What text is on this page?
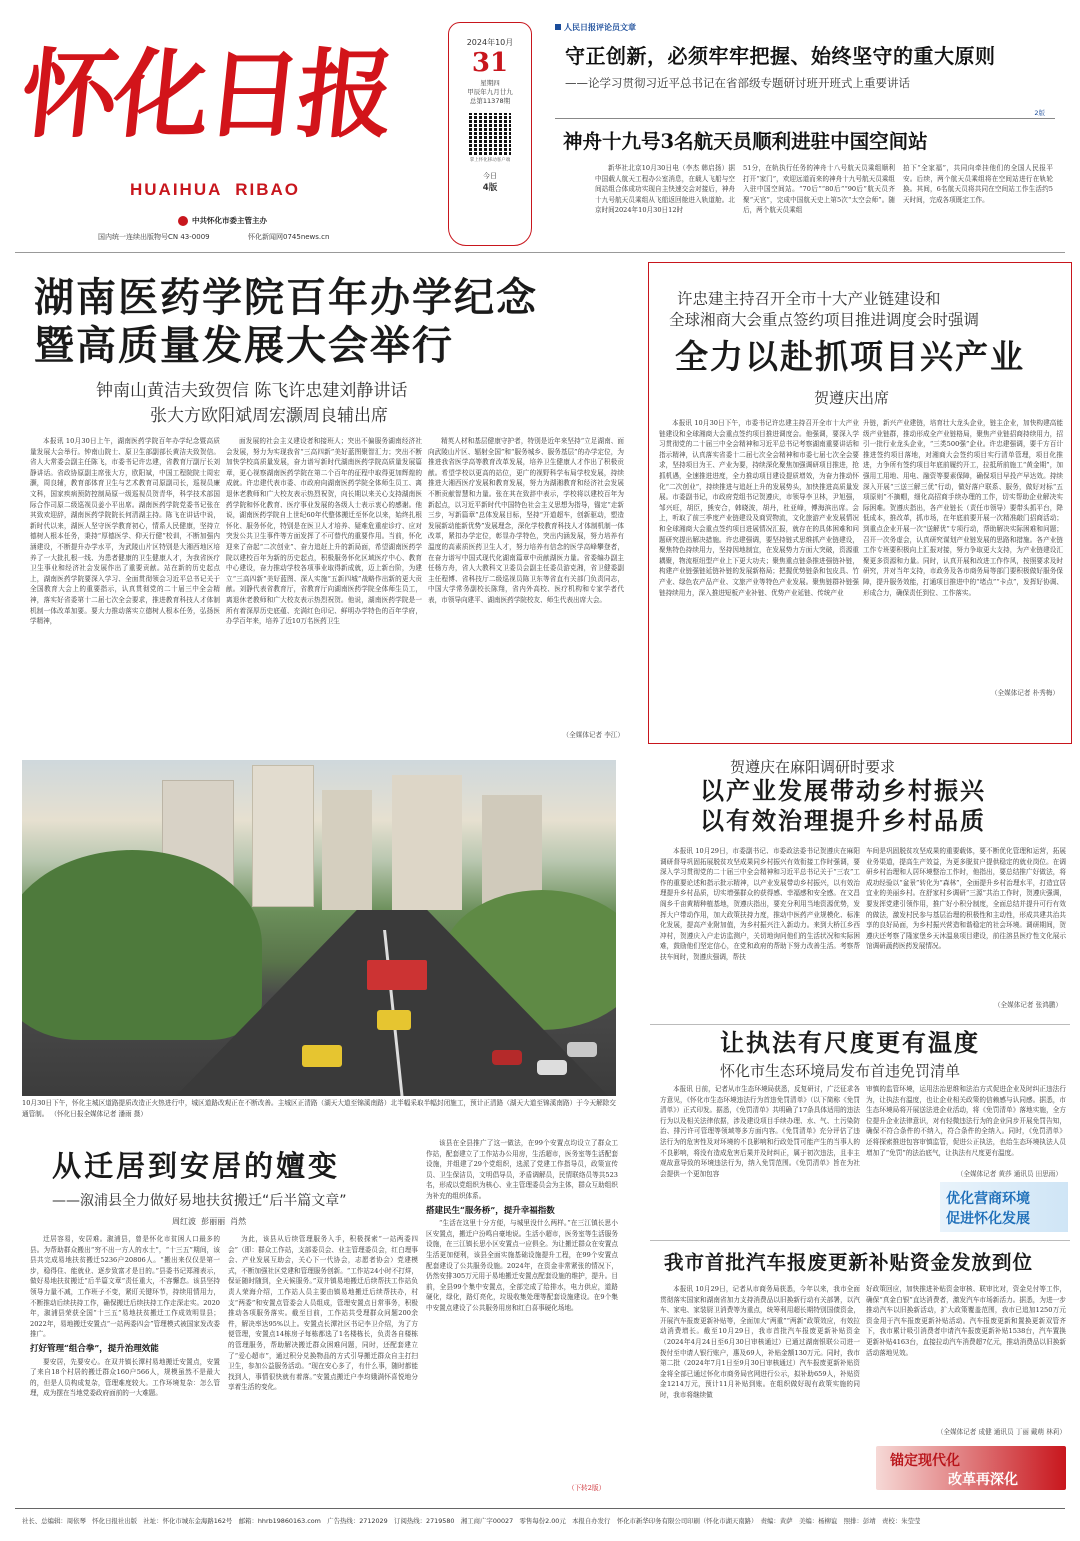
怀化日报
HUAIHUA  RIBAO
中共怀化市委主管主办
国内统一连续出版物号CN 43-0009	怀化新闻网0745news.cn
2024年10月
31
星期四
甲辰年九月廿九
总第11378期
掌上怀化移动客户端
今日
4版
人民日报评论员文章
守正创新，必须牢牢把握、始终坚守的重大原则
——论学习贯彻习近平总书记在省部级专题研讨班开班式上重要讲话
2版
神舟十九号3名航天员顺利进驻中国空间站

新华社北京10月30日电（李杰 韩启扬）据中国载人航天工程办公室消息，在载人飞船与空间站组合体成功实现自主快速交会对接后，神舟十九号航天员乘组从飞船返回舱进入轨道舱。北京时间2024年10月30日12时

51分，在轨执行任务的神舟十八号航天员乘组顺利打开“家门”，欢迎远道而来的神舟十九号航天员乘组入驻中国空间站。“70后”“80后”“90后”航天员齐聚“天宫”，完成中国航天史上第5次“太空会师”。随后，两个航天员乘组

拍下“全家福”，共同向牵挂他们的全国人民报平安。后续，两个航天员乘组将在空间站进行在轨轮换。其间，6名航天员将共同在空间站工作生活约5天时间，完成各项既定工作。

湖南医药学院百年办学纪念
暨高质量发展大会举行
钟南山黄洁夫致贺信 陈飞许忠建刘静讲话
张大方欧阳斌周宏灏周良辅出席

本报讯 10月30日上午，湖南医药学院百年办学纪念暨高质量发展大会举行。钟南山院士、原卫生部副部长黄洁夫致贺信。省人大常委会副主任陈飞，市委书记许忠建，省教育厅副厅长刘静讲话。省政协原副主席张大方，欧阳斌，中国工程院院士周宏灏，周良辅，教育部体育卫生与艺术教育司原副司长，巡视员廉文科，国家疾病预防控制局原一级巡视员贺青华，科学技术部国际合作司原二级巡视员姜小平出席。湖南医药学院党委书记张在其致欢迎辞，湖南医药学院院长何清湖主持。陈飞在讲话中说，新时代以来，湖医人坚守医学教育初心，情系人民健康，坚持立德树人根本任务，秉持“厚德医学、仰天行健”校训，不断加强内涵建设，不断提升办学水平，为武陵山片区特别是大湘西地区培养了一大批扎根一线、为患者健康的卫生健康人才，为我省医疗卫生事业和经济社会发展作出了重要贡献。站在新的历史起点上，湖南医药学院要深入学习、全面贯彻领会习近平总书记关于全国教育大会上的重要指示，认真贯彻党的二十届三中全会精神，落实好省委第十二届七次全会要求，推进教育科技人才体制机制一体改革加要。要大力推动落实立德树人根本任务，弘扬医学精神，

面发展的社会主义建设者和接班人；突出不偏服务湖南经济社会发展，努力为实现我省“三高四新”美好蓝图聚智汇力；突出不断加快学校高质量发展，奋力谱写新时代湖南医药学院高质量发展篇章，更心视察湖南医药学院在第二个百年的征程中取得更加辉煌的成就。许忠建代表市委、市政府向湖南医药学院全体师生员工、离退休老教师和广大校友表示热烈祝贺，向长期以来关心支持湖南医药学院和怀化教育、医疗事业发展的各级人士表示衷心的感谢。他说，湖南医药学院自上世纪60年代整体搬迁至怀化以来，始终扎根怀化、服务怀化，特别是在医卫人才培养、疑难危重症诊疗、应对突发公共卫生事件等方面发挥了不可替代的重要作用。当前，怀化迎来了奋起“二次创业”、奋力追赶上升的新局面，希望湖南医药学院以建校百年为新的历史起点，积极服务怀化区域医疗中心、教育中心建设，奋力推动学校各项事业取得新成就，迈上新台阶，为建立“三高四新”美好蓝图、深人实施“五新四城”战略作出新的更大贡献。刘静代表省教育厅，省教育厅向湖南医药学院全体师生员工，离退休老教师和广大校友表示热烈祝贺。他说，湖南医药学院是一所有着深厚历史底蕴、充满红色印记、鲜明办学特色的百年学府，办学百年来，培养了近10万名医药卫生

精英人材和基层健康守护者，特别是近年来坚持“立足湖南、面向武陵山片区、辐射全国”和“服务城乡、服务基层”的办学定位，为推进我省医学高等教育改革发展，培养卫生健康人才作出了积极贡献。希望学校以更高的站位，更广的视野科学布局学校发展，持续推进大湘西医疗发展和教育发展，努力为湖湘教育和经济社会发展不断贡献智慧和力量。张在其在致辞中表示，学校将以建校百年为新起点，以习近平新时代中国特色社会主义思想为指导，锚定“走新三步，写新篇章”总体发展目标，坚持“开道超车，创新驱动，塑造发展新动能新优势”发展理念，深化学校教育科技人才体制机制一体改革，紧扣办学定位，彰显办学特色，突出内涵发展，努力培养有温度的高素质医药卫生人才，努力培养有信念的医学高峰攀登者，在奋力谱写中国式现代化湖南篇章中贡献湖医力量。省委编办副主任杨方舟，省人大教科文卫委员会副主任委员游克湘，省卫健委副主任程博、省科技厅二级巡视员陈卫东等省直有关部门负责同志，中国大学常务副校长陈翔，省内外高校、医疗机构和专家学者代表，市领导向建平、湖南医药学院校友、师生代表出席大会。

（全媒体记者 李江）
许忠建主持召开全市十大产业链建设和
全球湘商大会重点签约项目推进调度会时强调
全力以赴抓项目兴产业
贺遵庆出席

本报讯 10月30日下午，市委书记许忠建主持召开全市十大产业链建设和全球湘商大会重点签约项目推进调度会。他强调，要深入学习贯彻党的二十届三中全会精神和习近平总书记考察湖南重要讲话和指示精神，认真落实省委十二届七次全会精神和市委七届七次全会要求，坚持项目为王、产业为要，持续深化聚焦加强调研项目推进，抢抓机遇，全速推进进度，全力推动项目建设提质增效，为奋力推动怀化“二次创业”，持续推进与追赶上升的发展势头，加快推进高质量发展。市委副书记，市政府党组书记贺遵庆，市领导李卫林，尹旭强，邹兴旺，胡臣，熊安合，韩晓波，胡丹，杜亚峰，傅海滨出席。会上，听取了前三季度产业链建设及商贸物流，文化旅游产业发展情况和全球湘商大会重点签约项目进展情况汇报，就存在的具体困难和问题研究提出解决措施。许忠建强调，要坚持链式思维抓产业链建设，聚焦特色持续用力，坚持因地制宜，在发展势力方面大突破，资源重耦聚，物流枢纽型产业上下更大功夫；聚焦重点链条推进强链补链，构建产业链强链延链补链的发展新格局；把握优势链条和包皮具、竹产业、绿色农产品产业、文旅产业等特色产业发展。聚焦链群补链强链持续用力，深入推进短板产业补链、优势产业延链、传统产业

升链，新兴产业建链，培育壮大龙头企业，链主企业，加快构建高能级产业链群，推动形成全产业链格局，聚焦产业链招商持续用力，招引一批行业龙头企业，“三类500强”企业。许忠建强调，要千方百计推进签约项目落地，对湘商大会签约项目实行清单管理，项目化推进，力争所有签约项目年底前履约开工，拉抵所前施工“黄金期”，加强用工用地、用电、融资等要素保障，确保项目早投产早达效。持续深入开展“三送三解三优”行动，做好落户联系、服务，做好对标“五项原则”不摘帽，细化高招商手续办理的工作，切实帮助企业解决实际困难。贺遵庆指出，各产业链长（责任市领导）要带头抓平台，降低成本，推改革，抓市场，在年底前要开展一次精准敲门招商活动；到重点企业开展一次“送解优”专项行动，帮助解决实际困难和问题；召开一次务虚会，认真研究谋划产业链发展的思路和措施。各产业链工作专班要积极向上汇报对接，努力争取更大支持，为产业链建设汇聚更多资源和力量。同时，认真开展和改进工作作风，按照要求及时研究，并对当年支持，市政务及各市商务局等部门要积极做好服务保障，提升服务效能，打通项目推进中的“堵点”“卡点”，发挥好协调、形成合力，确保责任到位、工作落实。

（全媒体记者 朴秀梅）
10月30日下午，怀化主城区道路提质改造正火热进行中，城区道路改观正在不断改善。主城区正清路（湖天大道至锦溪南路）北半幅采取半幅封闭施工，预计正清路（湖天大道至锦溪南路）于今天解除交通管制。 （怀化日报全媒体记者 潘雨 摄）
贺遵庆在麻阳调研时要求
以产业发展带动乡村振兴
以有效治理提升乡村品质

本报讯 10月29日，市委副书记、市委政法委书记贺遵庆在麻阳调研督导巩固拓展脱贫攻坚成果同乡村振兴有效衔接工作时强调，要深入学习贯彻党的二十届三中全会精神和习近平总书记关于“三农”工作的重要论述和指示批示精神，以产业发展带动乡村振兴，以有效治理提升乡村品质，切实增强群众的获得感、幸福感和安全感。在文昌阁乡千亩黄精种植基地，贺遵庆指出，要充分利用当地资源优势，发挥大户带动作用，加大政策扶持力度，推动中医药产业规模化、标准化发展，提高产业附加值，为乡村振兴注入新动力。来到大桥江乡西冲村，贺遵庆入户走访监测户，关切地询问他们的生活状况和实际困难，鼓励他们坚定信心，在党和政府的帮助下努力改善生活。考察帮扶车间时，贺遵庆强调，帮扶

车间是巩固脱贫攻坚成果的重要载体，要不断优化管理和运营，拓展业务渠道，提高生产效益，为更多脱贫户提供稳定的就业岗位。在调研乡村治理和人居环境整治工作时，他指出，要总结推广好做法，将成功经验以“盆景”转化为“森林”，全面提升乡村治理水平，打造宜居宜业的美丽乡村。在舒家村乡调研“三源”共治工作时，贺遵庆强调，要发挥党建引领作用，推广好小积分制度，全面总结并提升可行有效的做法，激发村民参与基层治理的积极性和主动性，形成共建共治共享的良好局面，为乡村振兴营造和谐稳定的社会环境。调研期间，贺遵庆还考察了隆家堡乡天沐温泉项目建设，前往溶县医疗性文化展示馆调研蔬药医药发展情况。

（全媒体记者 张鸿鹏）
让执法有尺度更有温度
怀化市生态环境局发布首违免罚清单

本报讯 日前，记者从市生态环境局获悉，反复研讨，广泛征求各方意见，《怀化市生态环境违法行为首违免罚清单》（以下简称《免罚清单》）正式印发。据悉，《免罚清单》共明确了17条具体适用的违法行为以及相关法律依据，涉及建设项目手续办理、水、气、土污染防治、排污许可管理等领域等多方面内容。《免罚清单》充分评估了违法行为的危害性及对环境的不良影响和行政处罚可能产生的当事人的不良影响，将没有造成危害后果并及时纠正，属于初次违法，且非主观故意导致的环境违法行为，纳入免罚范围。《免罚清单》旨在为社会提供一个更加包容

审慎的监管环境，运用法治思维和法治方式促进企业及时纠正违法行为，让执法有温度，也让企业相关政策的信赖感与认同感。据悉，市生态环境局将开展送法进企业活动，将《免罚清单》落地实施，全方位提升企业法律意识，对有轻微违法行为的企业同步开展免罚告知，确保不符合条件的不纳入，符合条件的全纳入。同时，《免罚清单》还将探索推进包容审慎监管，促进公正执法，也给生态环境执法人员增加了“免罚”的法治底气，让执法有尺度更有温度。

（全媒体记者 黄莎 通讯员 田思雨）
优化营商环境
促进怀化发展
我市首批汽车报废更新补贴资金发放到位

本报讯 10月29日，记者从市商务局获悉，今年以来，我市全面贯彻落实国家和湖南省加力支持消费品以旧换新行动有关部署，以汽车、家电、家装厨卫消费等为重点，统筹利用超长期特别国债资金，开展汽车报废更新补贴等，全面加大“两重”“两新”政策效应，有效拉动消费增长。截至10月29日，我市首批汽车报废更新补贴资金（2024年4月24日至6月30日审核通过）已通过湖南银联公司进一拨付至申请人银行账户，惠及69人，补贴金额130万元。同时，我市第二批（2024年7月1日至9月30日审核通过）汽车报废更新补贴资金将全部已通过怀化市商务局官网进行公示，拟补助659人，补贴资金1214万元，预计11月补贴到账。在组织做好现有政策实施的同时，我市将继续做

好政策回应，加快推进补贴资金审核、联审比对，资金兑付等工作，确保“真金白银”直达消费者，激发汽车市场新活力。据悉，为进一步推动汽车以旧换新活动，扩大政策覆盖范围，我市已追加1250万元资金用于汽车报废更新补贴活动。汽车报废更新和置换更新双管齐下，我市累计吸引消费者申请汽车报废更新补贴1538台，汽车置换更新补贴4163台，直接拉动汽车消费超7亿元，推动消费品以旧换新活动落地见效。

（全媒体记者 成健 通讯员 丁丽 戴萌 林莉）
锚定现代化
改革再深化
从迁居到安居的嬗变
——溆浦县全力做好易地扶贫搬迁“后半篇文章”
周红波  彭丽丽  肖然

迁居容易，安居难。溆浦县，曾是怀化市贫困人口最多的县。为帮助群众搬出“穷不出一方人的水土”，“十三五”期间，该县共完成易地扶贫搬迁5236户20806人。“搬出来仅仅是第一步，稳得住、能就业、逐步致富才是目的。”县委书记郑湘表示，做好易地扶贫搬迁“后半篇文章”责任重大，不容懈怠。该县坚持领导力量不减，工作班子不变，紧盯关键环节，持续用情用力，不断推动后续扶持工作，确保搬迁后续扶持工作走深走实。2020年，溆浦县荣获全国“十三五”易地扶贫搬迁工作成效明显县；2022年，易地搬迁安置点“一站两委四会”管理模式被国家发改委推广。

打好管理“组合拳”，提升治理效能

要安居，先要安心。在双井镇长潭村易地搬迁安置点，安置了来自18个村居的搬迁群众160户566人，规模虽然不是最大的，但是人员构成复杂，管理难度较大。工作环境复杂：怎么管理，成为摆在当地党委政府面前的一大难题。

为此，该县从后续管理服务入手，积极探索“一站两委四会”（即：群众工作站，支部委员会、业主管理委员会，红白理事会、产业发展互助会，关心下一代协会，志愿者协会）党建模式，不断加强社区党建和管理服务创新。“工作站24小时不打烊，保证随时随到，全天候服务。”双井镇易地搬迁后续帮扶工作站负责人荣海介绍，工作站人员主要由镇易地搬迁后续帮扶办，村支“两委”和安置点管委会人员组成，管理安置点日常事务，积极推动各项服务落实。截至目前，工作站共受理群众问题200余件，解决率达95%以上。安置点长潭社区书记李卫介绍，为了方便管理，安置点14栋房子每栋都选了1名楼栋长，负责各自楼栋的管理服务，帮助解决搬迁群众困难问题，同时，还配套建立了“爱心超市”，通过积分兑换物品的方式引导搬迁群众自主打扫卫生，参加公益服务活动。“现在安心多了，有什么事，随时都能找到人，事情很快就有着落。”安置点搬迁户李均娥满怀喜悦地分享着生活的变化。

该县在全县推广了这一做法，在99个安置点均设立了群众工作站，配套建立了工作站办公用房，生活超市，医务室等生活配套设施，并组建了29个党组织，选派了党建工作指导员，政策宣传员、卫生保洁员，文明倡导员，矛盾调解员，民情联络员等共523名，形成以党组织为核心、业主管理委员会为主体，群众互助组织为补充的组织体系。

搭建民生“服务桥”，提升幸福指数

“生活在这里十分方便，与城里没什么两样。”在三江镇长思小区安置点，搬迁户汾鸣自豪地说。生活小超市，医务室等生活服务设施，在三江镇长思小区安置点一应俱全。为让搬迁群众在安置点生活更加便利，该县全面实施基础设施提升工程，在99个安置点配套建设了公共服务设施。2024年，在资金非常紧张的情况下，仍然安排305万元用于易地搬迁安置点配套设施的维护，提升。目前，全县99个集中安置点，全部完成了给排水，电力供应，道路硬化，绿化，路灯亮化，垃圾收集处理等配套设施建设。在9个集中安置点建设了公共服务用房和红白喜事硬化场地。

（下转2版）
社长、总编辑：周依琴　怀化日报社出版　社址：怀化市城东金海路162号　邮箱：hhrb19860163.com　广告热线：2712029　订阅热线：2719580　湘工商广字00027　零售每份2.00元　本报自办发行　怀化市新华印务有限公司印刷（怀化市湖天南路）　责编：黄萨　美编：杨柳谊　照排：彭靖　责校：朱莹莹
